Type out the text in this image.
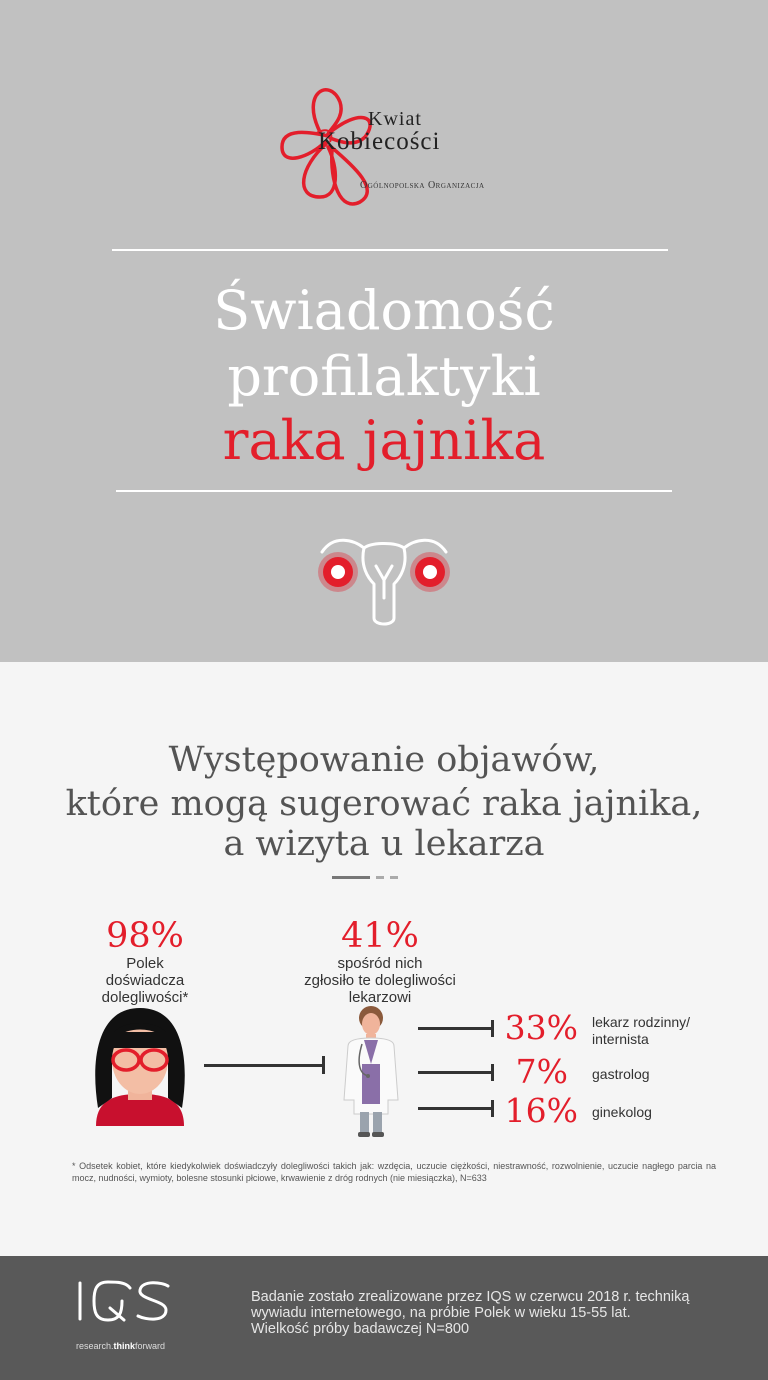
Kwiat
Kobiecości
Ogólnopolska Organizacja
Świadomość
profilaktyki
raka jajnika
Występowanie objawów,
które mogą sugerować raka jajnika,
a wizyta u lekarza
98%
Polek
doświadcza
dolegliwości*
41%
spośród nich
zgłosiło te dolegliwości
lekarzowi
33% lekarz rodzinny/
internista
7% gastrolog
16% ginekolog
* Odsetek kobiet, które kiedykolwiek doświadczyły dolegliwości takich jak: wzdęcia, uczucie ciężkości, niestrawność, rozwolnienie, uczucie nagłego parcia na mocz, nudności, wymioty, bolesne stosunki płciowe, krwawienie z dróg rodnych (nie miesiączka), N=633
research.thinkforward
Badanie zostało zrealizowane przez IQS w czerwcu 2018 r. techniką
wywiadu internetowego, na próbie Polek w wieku 15-55 lat.
Wielkość próby badawczej N=800
